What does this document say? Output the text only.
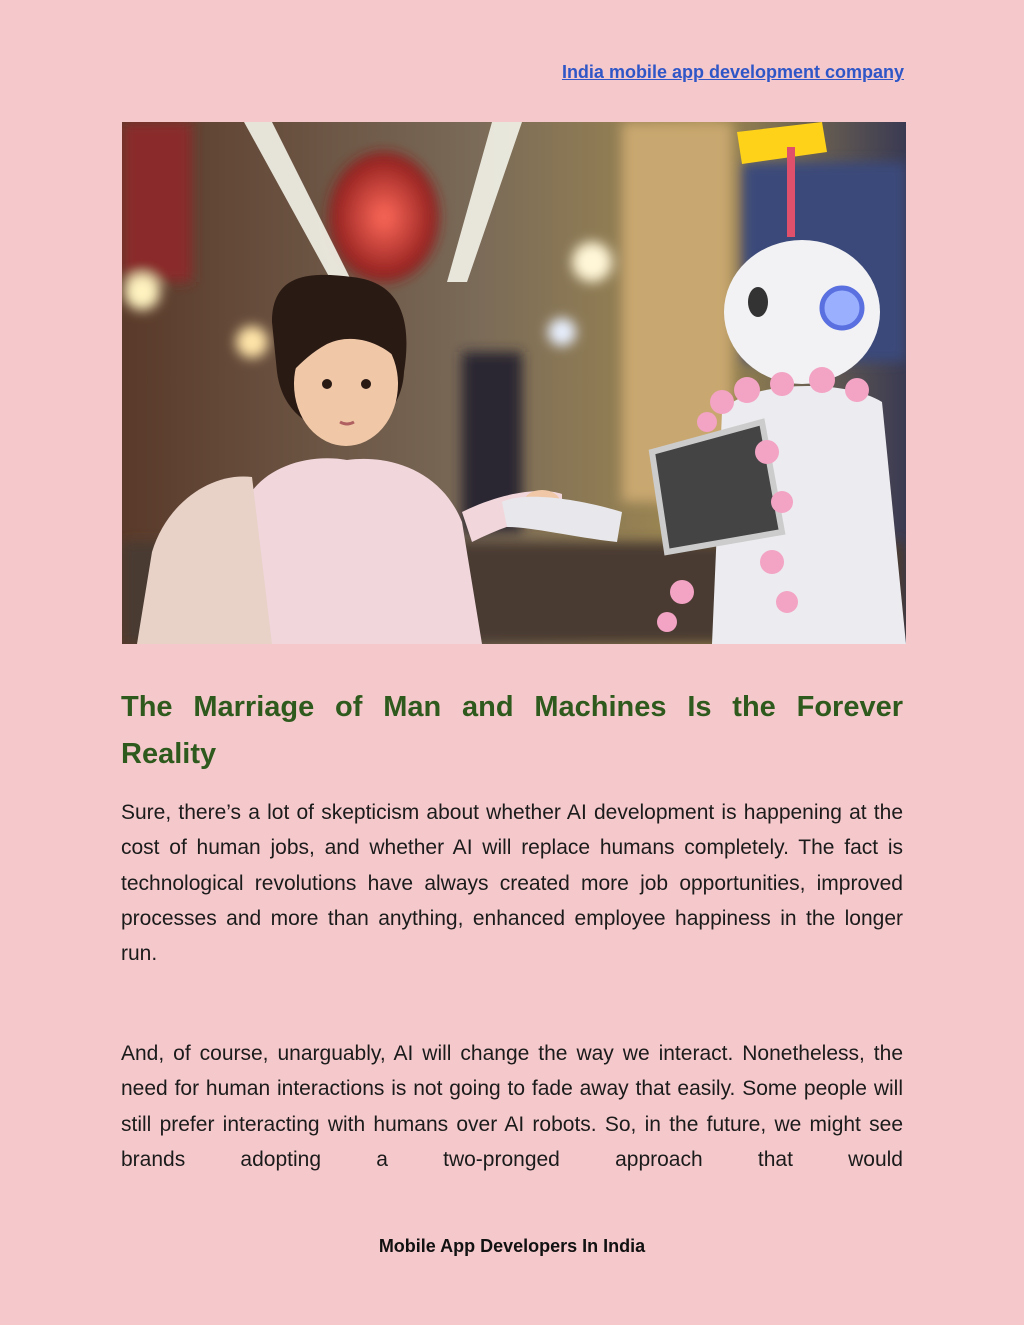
India mobile app development company
The Marriage of Man and Machines Is the Forever Reality

Sure, there’s a lot of skepticism about whether AI development is happening at the cost of human jobs, and whether AI will replace humans completely. The fact is technological revolutions have always created more job opportunities, improved processes and more than anything, enhanced employee happiness in the longer run.

And, of course, unarguably, AI will change the way we interact. Nonetheless, the need for human interactions is not going to fade away that easily. Some people will still prefer interacting with humans over AI robots. So, in the future, we might see brands adopting a two-pronged approach that would

Mobile App Developers In India
